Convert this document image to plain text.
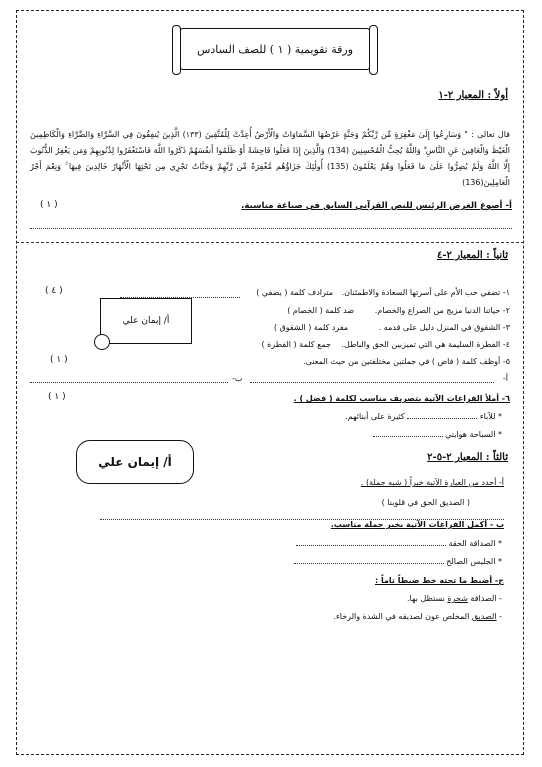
ورقة تقويمية ( ١ ) للصف السادس
أولاً : المعيار ٢-١
قال تعالى : " وَسَارِعُوا إِلَىٰ مَغْفِرَةٍ مِّن رَّبِّكُمْ وَجَنَّةٍ عَرْضُهَا السَّمَاوَاتُ وَالْأَرْضُ أُعِدَّتْ لِلْمُتَّقِينَ (١٣٣) الَّذِينَ يُنفِقُونَ فِي السَّرَّاءِ وَالضَّرَّاءِ وَالْكَاظِمِينَ الْغَيْظَ وَالْعَافِينَ عَنِ النَّاسِ ۗ وَاللَّهُ يُحِبُّ الْمُحْسِنِينَ (134) وَالَّذِينَ إِذَا فَعَلُوا فَاحِشَةً أَوْ ظَلَمُوا أَنفُسَهُمْ ذَكَرُوا اللَّهَ فَاسْتَغْفَرُوا لِذُنُوبِهِمْ وَمَن يَغْفِرُ الذُّنُوبَ إِلَّا اللَّهُ وَلَمْ يُصِرُّوا عَلَىٰ مَا فَعَلُوا وَهُمْ يَعْلَمُونَ (135) أُولَٰئِكَ جَزَاؤُهُم مَّغْفِرَةٌ مِّن رَّبِّهِمْ وَجَنَّاتٌ تَجْرِي مِن تَحْتِهَا الْأَنْهَارُ خَالِدِينَ فِيهَا ۚ وَنِعْمَ أَجْرُ الْعَامِلِينَ(136)
أ- أصوغ الغرض الرئيس للنص القرآني السابق في صياغة مناسبة.
( ١ )
ثانياً : المعيار ٢-٤
( ٤ )	١- تضفي حب الأم على أسرتها السعادة والاطمئنان. مترادف كلمة ( يضفي )
٢- حياتنا الدنيا مزيج من الصراع والخصام. ضد كلمة ( الخصام )
٣- الشقوق في المنزل دليل على قدمه . مفرد كلمة ( الشقوق )
٤- الفطرة السليمة هي التي تميزبين الحق والباطل. جمع كلمة ( الفطرة )
أ/ إيمان علي
٥- أوظف كلمة ( فاض ) في جملتين مختلفتين من حيث المعنى.
( ١ )
أ-
ب-
٦- أملأ الفراغات الآتية بتصريف مناسب لكلمة ( فضل ) .
( ١ )
* للآباء  كثيرة على أبنائهم.
* السباحة هوايتي
ثالثاً : المعيار ٢-٥-٢
أ/ إيمان علي
أ- أحدد من العبارة الآتية خبراً ( شبه جملة) .
( الصديق الحق في قلوبنا )
ب - أكمل الفراغات الآتية بخبر جملة مناسب.
* الصداقة الحقة
* الجليس الصالح
ج- أضبط ما تحته خط ضبطاً تاماً :
- الصداقة شجرة نستظل بها.
- الصديق المخلص عون لصديقه في الشدة والرخاء.
